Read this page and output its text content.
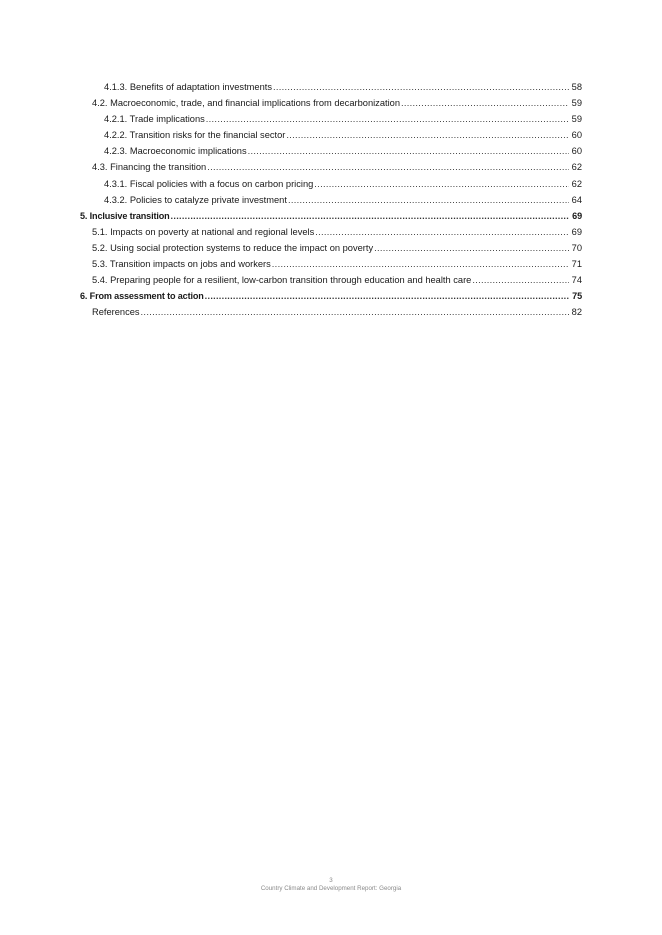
4.1.3. Benefits of adaptation investments .....	58
4.2. Macroeconomic, trade, and financial implications from decarbonization .....	59
4.2.1. Trade implications .....	59
4.2.2. Transition risks for the financial sector .....	60
4.2.3. Macroeconomic implications .....	60
4.3. Financing the transition .....	62
4.3.1. Fiscal policies with a focus on carbon pricing .....	62
4.3.2. Policies to catalyze private investment .....	64
5. Inclusive transition .....	69
5.1. Impacts on poverty at national and regional levels .....	69
5.2. Using social protection systems to reduce the impact on poverty .....	70
5.3. Transition impacts on jobs and workers .....	71
5.4. Preparing people for a resilient, low-carbon transition through education and health care .....	74
6. From assessment to action .....	75
References .....	82
3
Country Climate and Development Report: Georgia
